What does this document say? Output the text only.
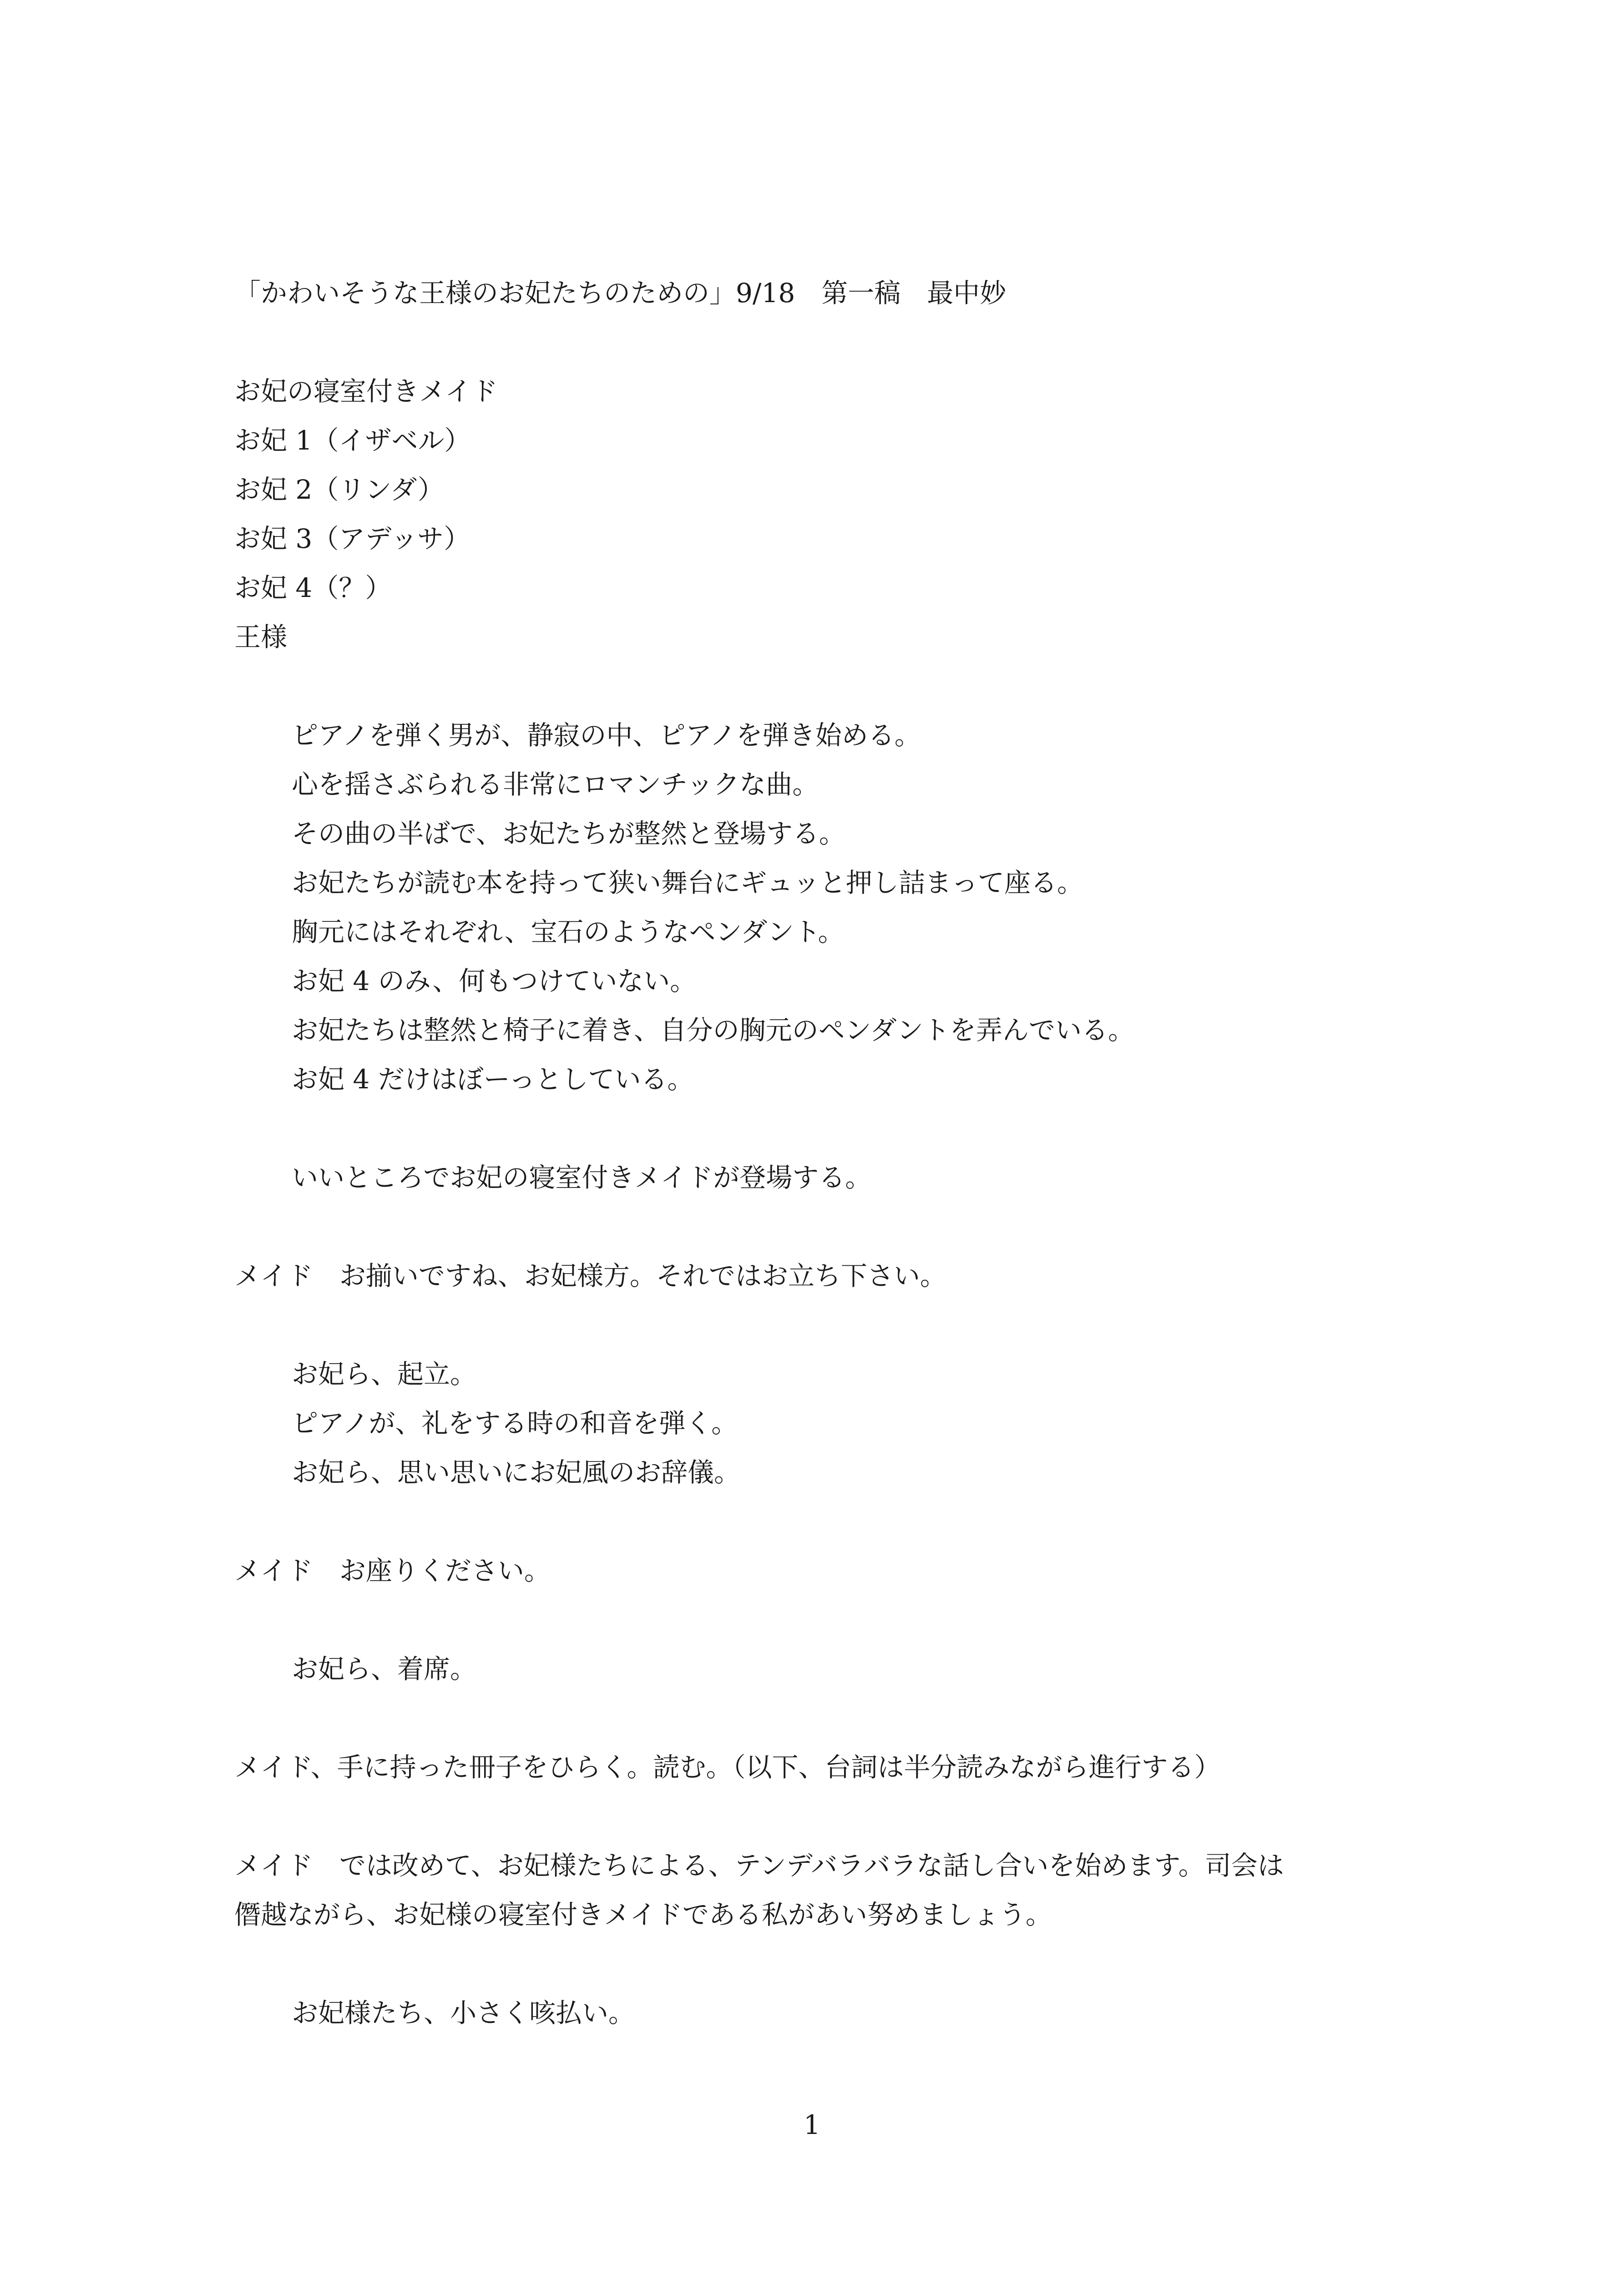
「かわいそうな王様のお妃たちのための」9/18　第一稿　最中妙

お妃の寝室付きメイド

お妃 1（イザベル）

お妃 2（リンダ）

お妃 3（アデッサ）

お妃 4（？）

王様

ピアノを弾く男が、静寂の中、ピアノを弾き始める。

心を揺さぶられる非常にロマンチックな曲。

その曲の半ばで、お妃たちが整然と登場する。

お妃たちが読む本を持って狭い舞台にギュッと押し詰まって座る。

胸元にはそれぞれ、宝石のようなペンダント。

お妃 4 のみ、何もつけていない。

お妃たちは整然と椅子に着き、自分の胸元のペンダントを弄んでいる。

お妃 4 だけはぼーっとしている。

いいところでお妃の寝室付きメイドが登場する。

メイド　お揃いですね、お妃様方。それではお立ち下さい。

お妃ら、起立。

ピアノが、礼をする時の和音を弾く。

お妃ら、思い思いにお妃風のお辞儀。

メイド　お座りください。

お妃ら、着席。

メイド、手に持った冊子をひらく。読む。（以下、台詞は半分読みながら進行する）

メイド　では改めて、お妃様たちによる、テンデバラバラな話し合いを始めます。司会は

僭越ながら、お妃様の寝室付きメイドである私があい努めましょう。

お妃様たち、小さく咳払い。

1
